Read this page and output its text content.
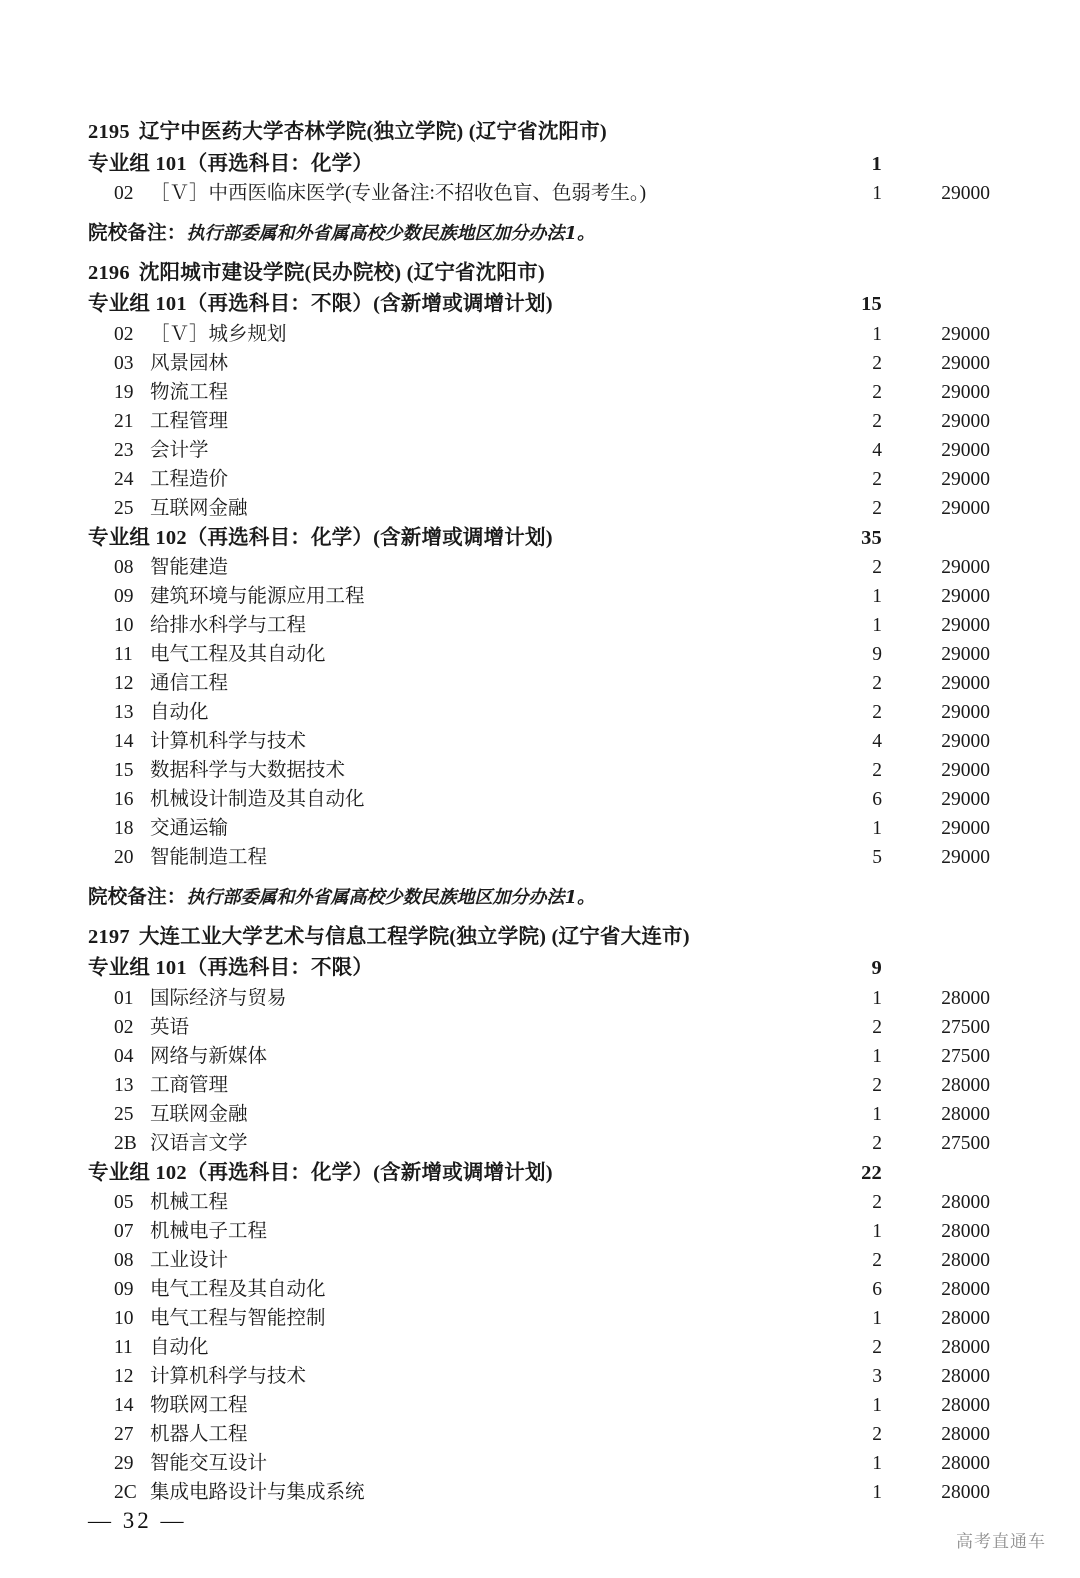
2195 辽宁中医药大学杏林学院(独立学院) (辽宁省沈阳市)
专业组 101（再选科目：化学）	1
02 ［Ｖ］中西医临床医学(专业备注:不招收色盲、色弱考生。)	1	29000
院校备注：执行部委属和外省属高校少数民族地区加分办法1。
2196 沈阳城市建设学院(民办院校) (辽宁省沈阳市)
专业组 101（再选科目：不限）(含新增或调增计划)	15
02 ［Ｖ］城乡规划	1	29000
03 风景园林	2	29000
19 物流工程	2	29000
21 工程管理	2	29000
23 会计学	4	29000
24 工程造价	2	29000
25 互联网金融	2	29000
专业组 102（再选科目：化学）(含新增或调增计划)	35
08 智能建造	2	29000
09 建筑环境与能源应用工程	1	29000
10 给排水科学与工程	1	29000
11 电气工程及其自动化	9	29000
12 通信工程	2	29000
13 自动化	2	29000
14 计算机科学与技术	4	29000
15 数据科学与大数据技术	2	29000
16 机械设计制造及其自动化	6	29000
18 交通运输	1	29000
20 智能制造工程	5	29000
院校备注：执行部委属和外省属高校少数民族地区加分办法1。
2197 大连工业大学艺术与信息工程学院(独立学院) (辽宁省大连市)
专业组 101（再选科目：不限）	9
01 国际经济与贸易	1	28000
02 英语	2	27500
04 网络与新媒体	1	27500
13 工商管理	2	28000
25 互联网金融	1	28000
2B 汉语言文学	2	27500
专业组 102（再选科目：化学）(含新增或调增计划)	22
05 机械工程	2	28000
07 机械电子工程	1	28000
08 工业设计	2	28000
09 电气工程及其自动化	6	28000
10 电气工程与智能控制	1	28000
11 自动化	2	28000
12 计算机科学与技术	3	28000
14 物联网工程	1	28000
27 机器人工程	2	28000
29 智能交互设计	1	28000
2C 集成电路设计与集成系统	1	28000
— 32 —
高考直通车
